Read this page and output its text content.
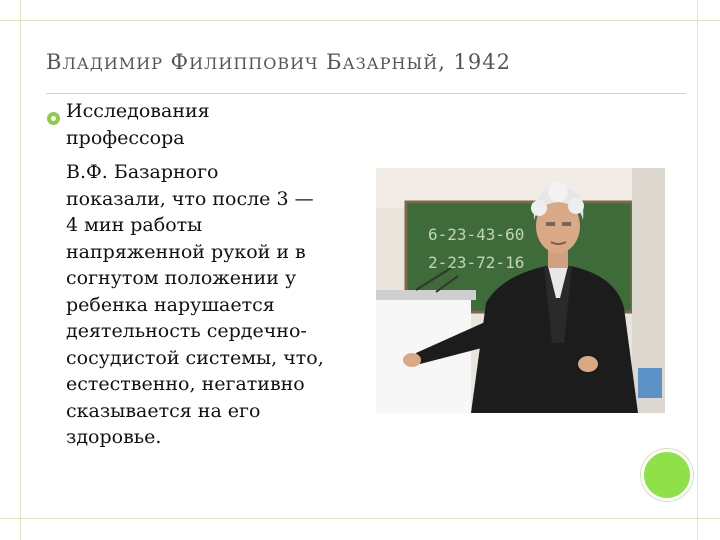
ВЛАДИМИР ФИЛИППОВИЧ БАЗАРНЫЙ, 1942
Исследования
профессора
В.Ф. Базарного
показали, что после 3 —
4 мин работы
напряженной рукой и в
согнутом положении у
ребенка нарушается
деятельность сердечно-
сосудистой системы, что,
естественно, негативно
сказывается на его
здоровье.
6-23-43-60
2-23-72-16
